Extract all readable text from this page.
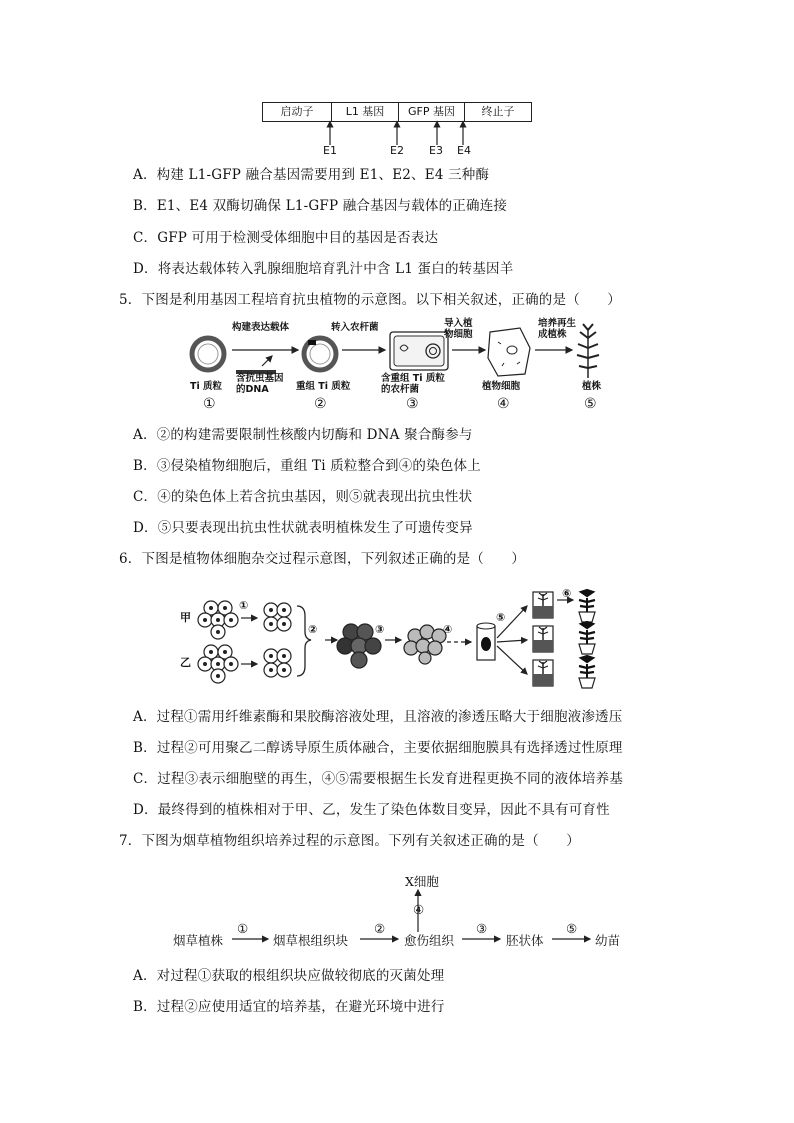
启动子	L1 基因	GFP 基因	终止子
E1	E2 E3 E4
A．构建 L1-GFP 融合基因需要用到 E1、E2、E4 三种酶
B．E1、E4 双酶切确保 L1-GFP 融合基因与载体的正确连接
C．GFP 可用于检测受体细胞中目的基因是否表达
D．将表达载体转入乳腺细胞培育乳汁中含 L1 蛋白的转基因羊
5．下图是利用基因工程培育抗虫植物的示意图。以下相关叙述，正确的是（　　）
构建表达载体	转入农杆菌	导入植物细胞
培养再生成植株
Ti 质粒
含抗虫基因的DNA	重组 Ti 质粒
含重组 Ti 质粒的农杆菌	植物细胞	植株
①	②	③	④	⑤
A．②的构建需要限制性核酸内切酶和 DNA 聚合酶参与
B．③侵染植物细胞后，重组 Ti 质粒整合到④的染色体上
C．④的染色体上若含抗虫基因，则⑤就表现出抗虫性状
D．⑤只要表现出抗虫性状就表明植株发生了可遗传变异
6．下图是植物体细胞杂交过程示意图，下列叙述正确的是（　　）
甲
乙
①
②	③	④
⑤
⑥
A．过程①需用纤维素酶和果胶酶溶液处理，且溶液的渗透压略大于细胞液渗透压
B．过程②可用聚乙二醇诱导原生质体融合，主要依据细胞膜具有选择透过性原理
C．过程③表示细胞壁的再生，④⑤需要根据生长发育进程更换不同的液体培养基
D．最终得到的植株相对于甲、乙，发生了染色体数目变异，因此不具有可育性
7．下图为烟草植物组织培养过程的示意图。下列有关叙述正确的是（　　）
X细胞
④
烟草植株	烟草根组织块	愈伤组织	胚状体	幼苗
①	②	③	⑤
A．对过程①获取的根组织块应做较彻底的灭菌处理
B．过程②应使用适宜的培养基，在避光环境中进行
